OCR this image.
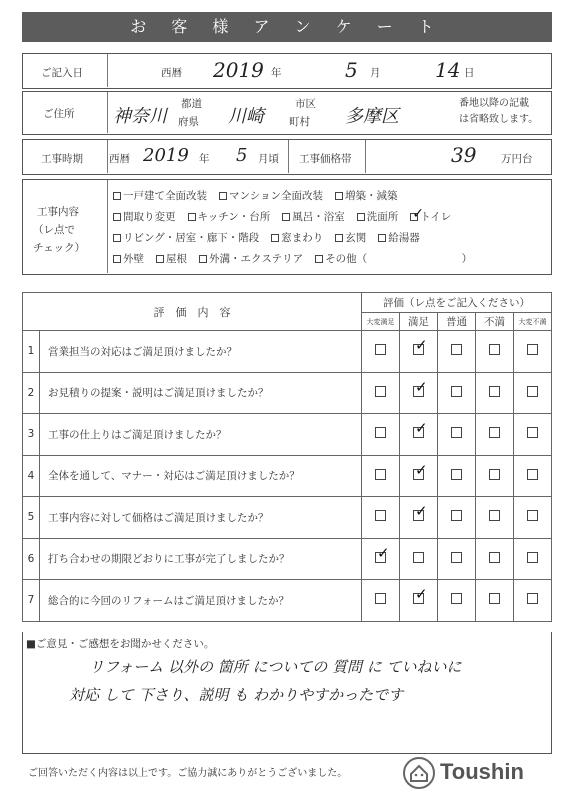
お 客 様 ア ン ケ ー ト
ご記入日	西暦 2019 年	5 月	14 日
ご住所 神奈川
都道
府県 川崎
市区
町村 多摩区
番地以降の記載
は省略致します。
工事時期 西暦 2019 年 5 月頃 工事価格帯	39 万円台
工事内容
（レ点で
チェック）
一戸建て全面改装 マンション全面改装 増築・減築
間取り変更 キッチン・台所 風呂・浴室 洗面所 ✓ トイレ
リビング・居室・廊下・階段 窓まわり 玄関 給湯器
外壁 屋根 外溝・エクステリア その他（　　　　　　　　　）
評　価　内　容		評価（レ点をご記入ください）				
		大変満足	満足	普通	不満	大変不満
1	営業担当の対応はご満足頂けましたか？		✓			
2	お見積りの提案・説明はご満足頂けましたか？		✓			
3	工事の仕上りはご満足頂けましたか？		✓			
4	全体を通して、マナー・対応はご満足頂けましたか？		✓			
5	工事内容に対して価格はご満足頂けましたか？		✓			
6	打ち合わせの期限どおりに工事が完了しましたか？	✓				
7	総合的に今回のリフォームはご満足頂けましたか？		✓			
■ご意見・ご感想をお聞かせください。
リフォーム 以外の 箇所 についての 質問 に ていねいに
対応 して 下さり、説明 も わかりやすかったです
ご回答いただく内容は以上です。ご協力誠にありがとうございました。	Toushin
